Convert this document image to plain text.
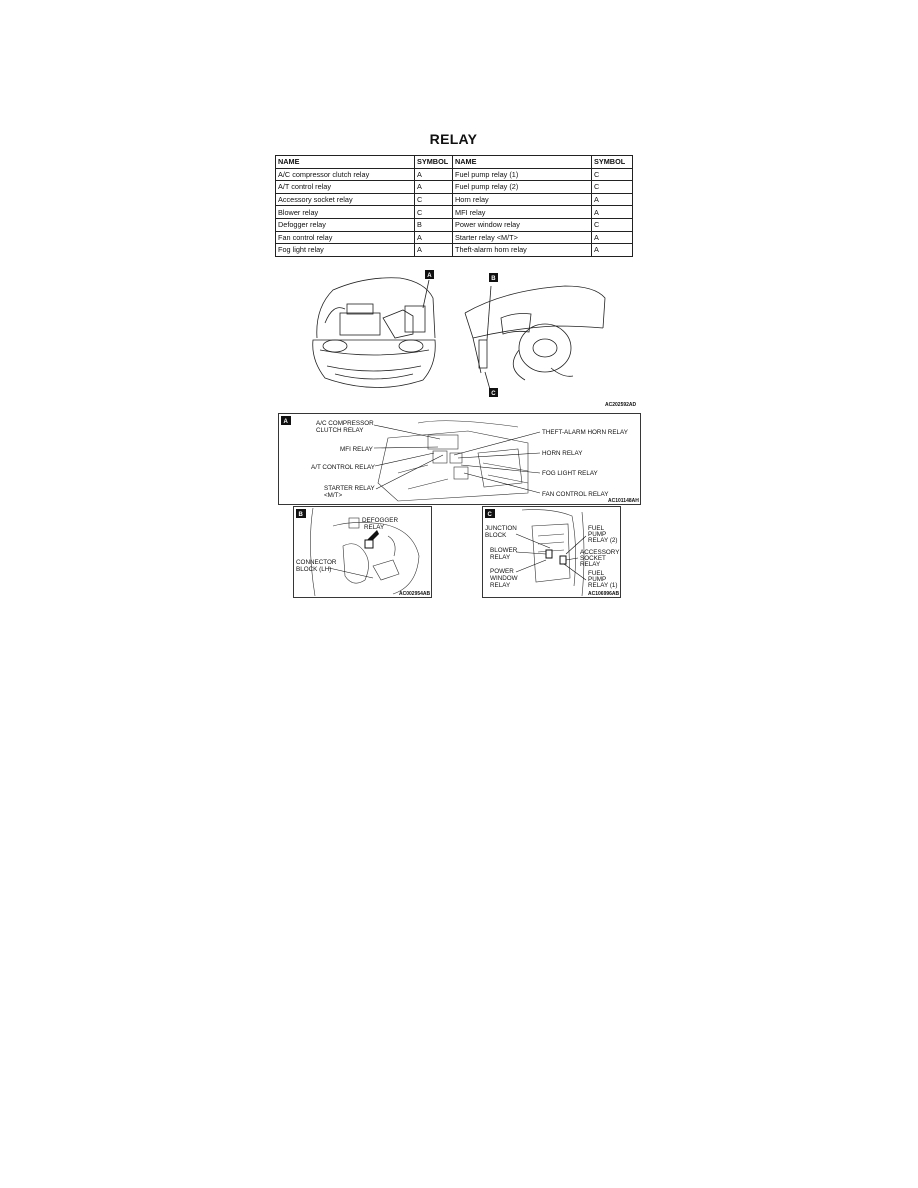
RELAY
NAME	SYMBOL	NAME	SYMBOL
A/C compressor clutch relay	A	Fuel pump relay (1)	C
A/T control relay	A	Fuel pump relay (2)	C
Accessory socket relay	C	Horn relay	A
Blower relay	C	MFI relay	A
Defogger relay	B	Power window relay	C
Fan control relay	A	Starter relay <M/T>	A
Fog light relay	A	Theft-alarm horn relay	A
A	B
C
AC202592AD
A	A/C COMPRESSOR
CLUTCH RELAY
MFI RELAY
A/T CONTROL RELAY
STARTER RELAY
<M/T>
THEFT-ALARM HORN RELAY
HORN RELAY
FOG LIGHT RELAY
FAN CONTROL RELAY
AC101148AH
B
DEFOGGER
RELAY
CONNECTOR
BLOCK (LH)
AC002954AB
C
JUNCTION
BLOCK
BLOWER
RELAY
POWER
WINDOW
RELAY
FUEL
PUMP
RELAY (2)
ACCESSORY
SOCKET
RELAY
FUEL
PUMP
RELAY (1)
AC106996AB
